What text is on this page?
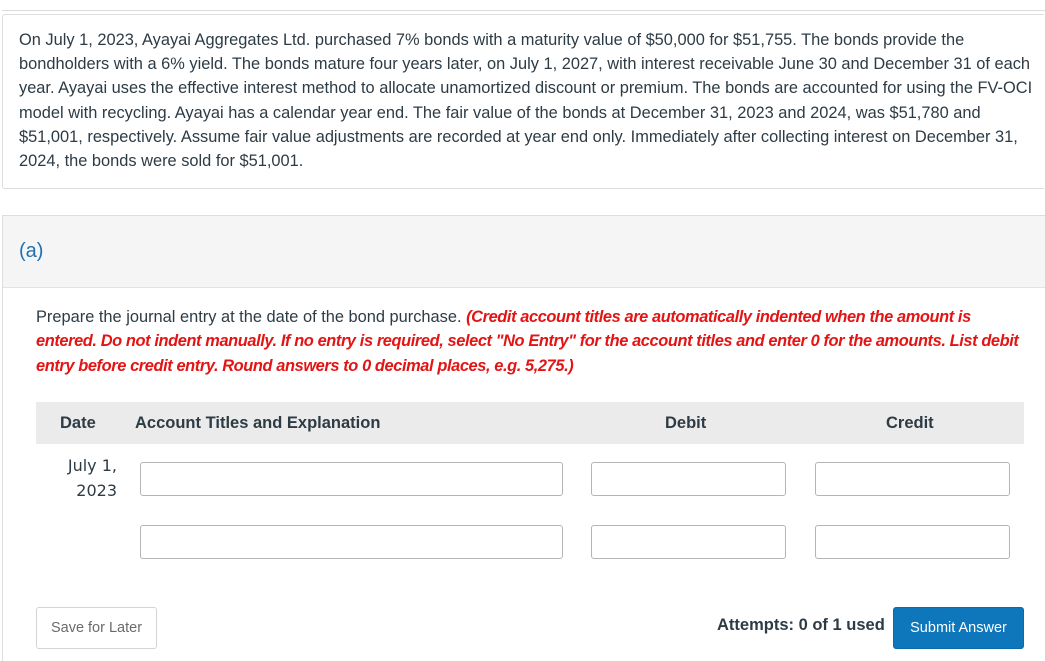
On July 1, 2023, Ayayai Aggregates Ltd. purchased 7% bonds with a maturity value of $50,000 for $51,755. The bonds provide the bondholders with a 6% yield. The bonds mature four years later, on July 1, 2027, with interest receivable June 30 and December 31 of each year. Ayayai uses the effective interest method to allocate unamortized discount or premium. The bonds are accounted for using the FV-OCI model with recycling. Ayayai has a calendar year end. The fair value of the bonds at December 31, 2023 and 2024, was $51,780 and $51,001, respectively. Assume fair value adjustments are recorded at year end only. Immediately after collecting interest on December 31, 2024, the bonds were sold for $51,001.
(a)
Prepare the journal entry at the date of the bond purchase. (Credit account titles are automatically indented when the amount is entered. Do not indent manually. If no entry is required, select "No Entry" for the account titles and enter 0 for the amounts. List debit entry before credit entry. Round answers to 0 decimal places, e.g. 5,275.)
Date Account Titles and Explanation	Debit	Credit
July 1,
2023
Save for Later	Attempts: 0 of 1 used	Submit Answer
